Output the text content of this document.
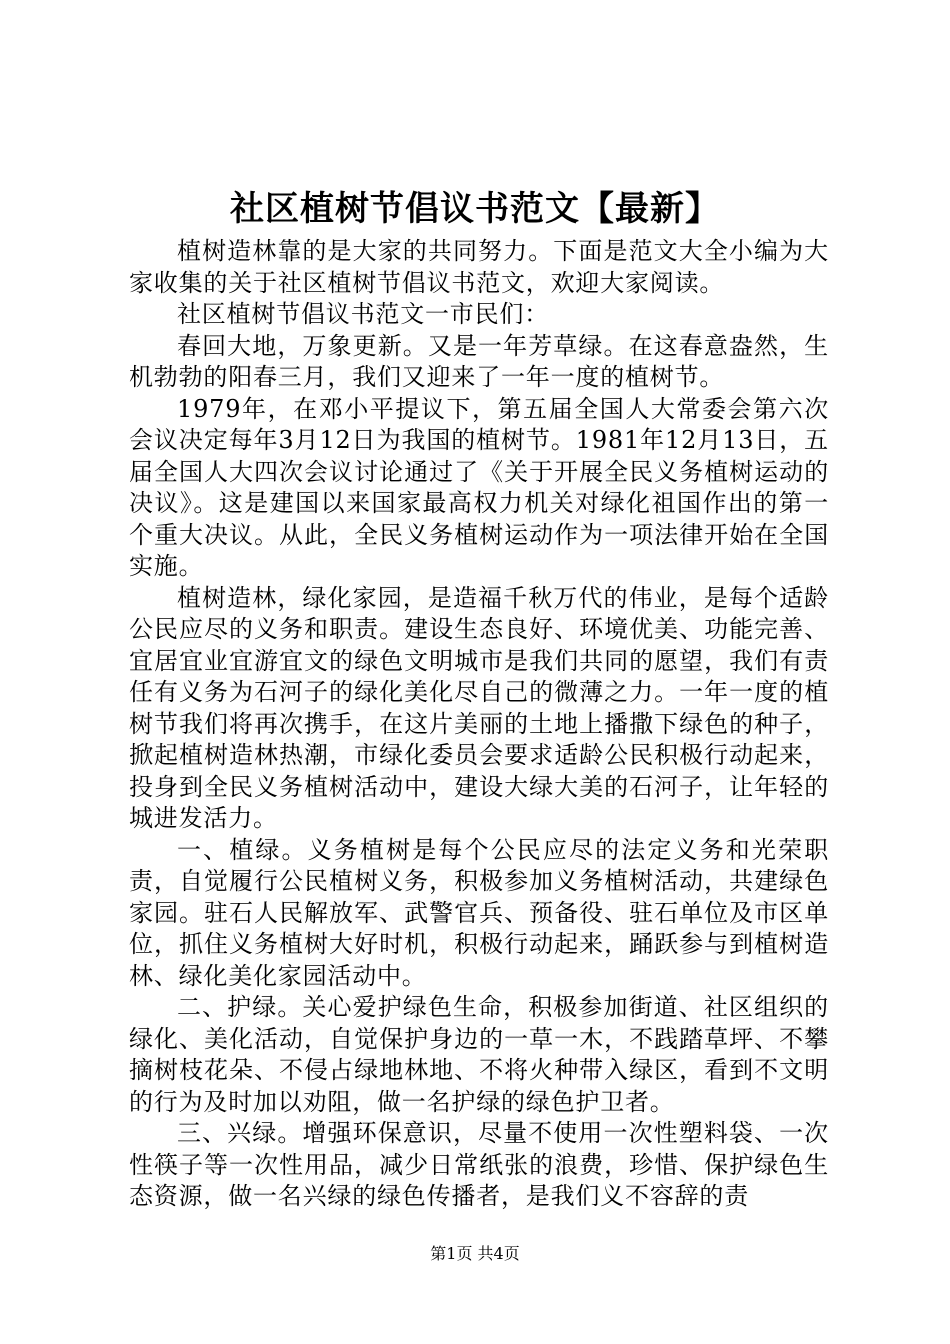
社区植树节倡议书范文【最新】

植树造林靠的是大家的共同努力。下面是范文大全小编为大家收集的关于社区植树节倡议书范文，欢迎大家阅读。

社区植树节倡议书范文一市民们：

春回大地，万象更新。又是一年芳草绿。在这春意盎然，生机勃勃的阳春三月，我们又迎来了一年一度的植树节。

1979年，在邓小平提议下，第五届全国人大常委会第六次会议决定每年3月12日为我国的植树节。1981年12月13日，五届全国人大四次会议讨论通过了《关于开展全民义务植树运动的决议》。这是建国以来国家最高权力机关对绿化祖国作出的第一个重大决议。从此，全民义务植树运动作为一项法律开始在全国实施。

植树造林，绿化家园，是造福千秋万代的伟业，是每个适龄公民应尽的义务和职责。建设生态良好、环境优美、功能完善、宜居宜业宜游宜文的绿色文明城市是我们共同的愿望，我们有责任有义务为石河子的绿化美化尽自己的微薄之力。一年一度的植树节我们将再次携手，在这片美丽的土地上播撒下绿色的种子，掀起植树造林热潮，市绿化委员会要求适龄公民积极行动起来，投身到全民义务植树活动中，建设大绿大美的石河子，让年轻的城进发活力。

一、植绿。义务植树是每个公民应尽的法定义务和光荣职责，自觉履行公民植树义务，积极参加义务植树活动，共建绿色家园。驻石人民解放军、武警官兵、预备役、驻石单位及市区单位，抓住义务植树大好时机，积极行动起来，踊跃参与到植树造林、绿化美化家园活动中。

二、护绿。关心爱护绿色生命，积极参加街道、社区组织的绿化、美化活动，自觉保护身边的一草一木，不践踏草坪、不攀摘树枝花朵、不侵占绿地林地、不将火种带入绿区，看到不文明的行为及时加以劝阻，做一名护绿的绿色护卫者。

三、兴绿。增强环保意识，尽量不使用一次性塑料袋、一次性筷子等一次性用品，减少日常纸张的浪费，珍惜、保护绿色生态资源，做一名兴绿的绿色传播者，是我们义不容辞的责

第1页 共4页
